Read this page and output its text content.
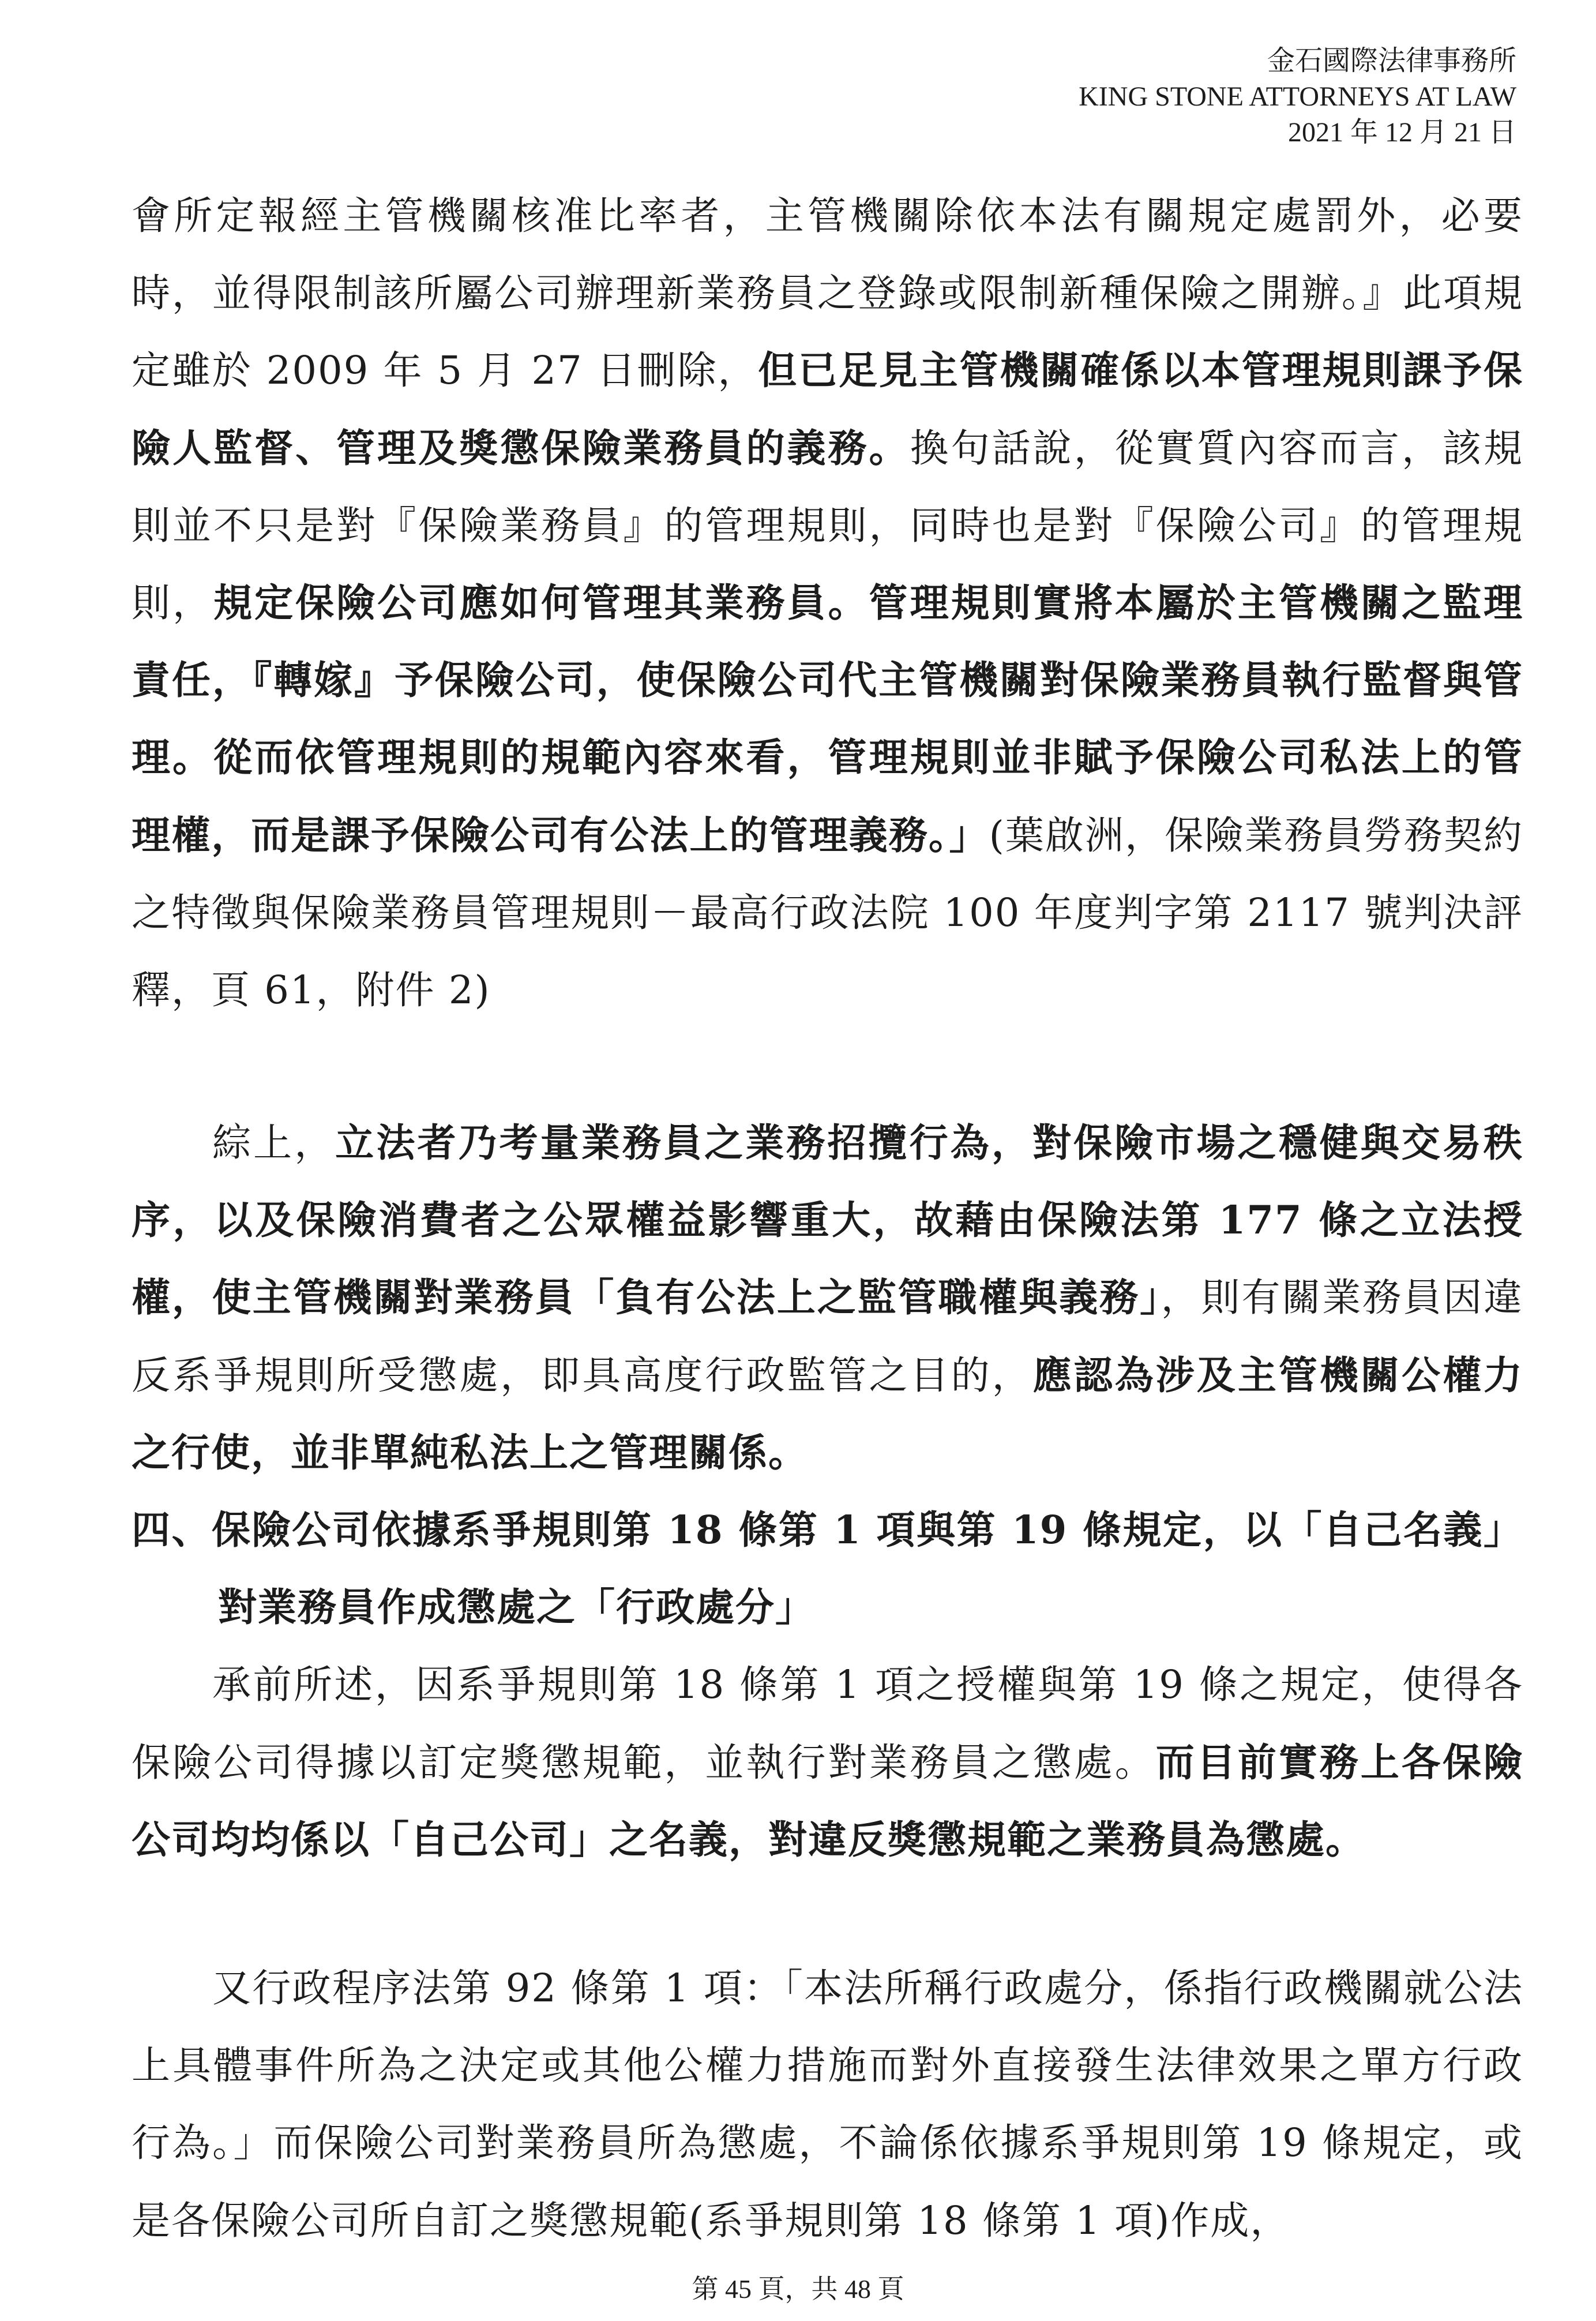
金石國際法律事務所
KING STONE ATTORNEYS AT LAW
2021 年 12 月 21 日

會所定報經主管機關核准比率者，主管機關除依本法有關規定處罰外，必要時，並得限制該所屬公司辦理新業務員之登錄或限制新種保險之開辦。』此項規定雖於 2009 年 5 月 27 日刪除，但已足見主管機關確係以本管理規則課予保險人監督、管理及獎懲保險業務員的義務。換句話說，從實質內容而言，該規則並不只是對『保險業務員』的管理規則，同時也是對『保險公司』的管理規則，規定保險公司應如何管理其業務員。管理規則實將本屬於主管機關之監理責任，『轉嫁』予保險公司，使保險公司代主管機關對保險業務員執行監督與管理。從而依管理規則的規範內容來看，管理規則並非賦予保險公司私法上的管理權，而是課予保險公司有公法上的管理義務。」(葉啟洲，保險業務員勞務契約之特徵與保險業務員管理規則－最高行政法院 100 年度判字第 2117 號判決評釋，頁 61，附件 2)

綜上，立法者乃考量業務員之業務招攬行為，對保險市場之穩健與交易秩序，以及保險消費者之公眾權益影響重大，故藉由保險法第 177 條之立法授權，使主管機關對業務員「負有公法上之監管職權與義務」，則有關業務員因違反系爭規則所受懲處，即具高度行政監管之目的，應認為涉及主管機關公權力之行使，並非單純私法上之管理關係。

四、保險公司依據系爭規則第 18 條第 1 項與第 19 條規定，以「自己名義」對業務員作成懲處之「行政處分」

承前所述，因系爭規則第 18 條第 1 項之授權與第 19 條之規定，使得各保險公司得據以訂定獎懲規範，並執行對業務員之懲處。而目前實務上各保險公司均均係以「自己公司」之名義，對違反獎懲規範之業務員為懲處。

又行政程序法第 92 條第 1 項：「本法所稱行政處分，係指行政機關就公法上具體事件所為之決定或其他公權力措施而對外直接發生法律效果之單方行政行為。」而保險公司對業務員所為懲處，不論係依據系爭規則第 19 條規定，或是各保險公司所自訂之獎懲規範(系爭規則第 18 條第 1 項)作成，

第 45 頁，共 48 頁
